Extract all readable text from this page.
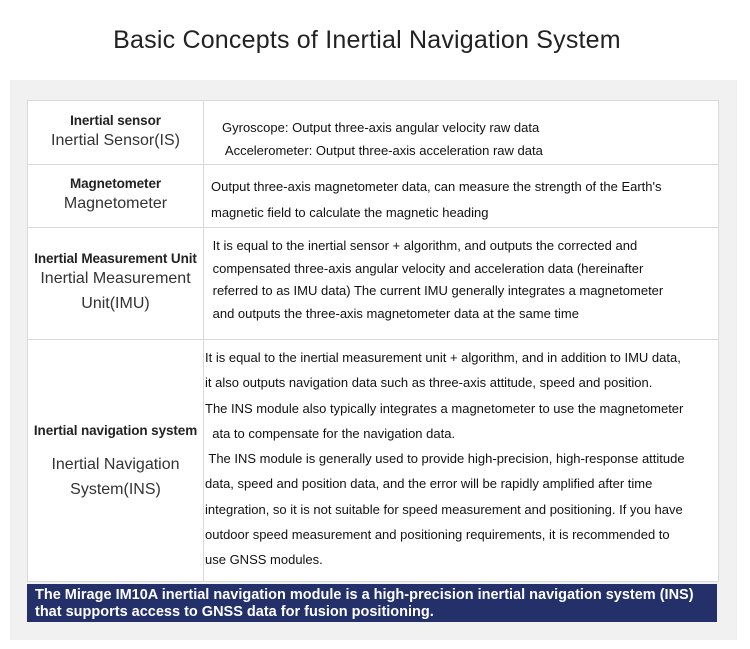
Basic Concepts of Inertial Navigation System
Inertial sensor
Inertial Sensor(IS)
Gyroscope: Output three-axis angular velocity raw data
Accelerometer: Output three-axis acceleration raw data
Magnetometer
Magnetometer
Output three-axis magnetometer data, can measure the strength of the Earth's
magnetic field to calculate the magnetic heading
Inertial Measurement Unit
Inertial Measurement
Unit(IMU)
It is equal to the inertial sensor + algorithm, and outputs the corrected and
compensated three-axis angular velocity and acceleration data (hereinafter
referred to as IMU data) The current IMU generally integrates a magnetometer
and outputs the three-axis magnetometer data at the same time
Inertial navigation system
Inertial Navigation
System(INS)
It is equal to the inertial measurement unit + algorithm, and in addition to IMU data,
it also outputs navigation data such as three-axis attitude, speed and position.
The INS module also typically integrates a magnetometer to use the magnetometer
ata to compensate for the navigation data.
The INS module is generally used to provide high-precision, high-response attitude
data, speed and position data, and the error will be rapidly amplified after time
integration, so it is not suitable for speed measurement and positioning. If you have
outdoor speed measurement and positioning requirements, it is recommended to
use GNSS modules.
The Mirage IM10A inertial navigation module is a high-precision inertial navigation system (INS)
that supports access to GNSS data for fusion positioning.
